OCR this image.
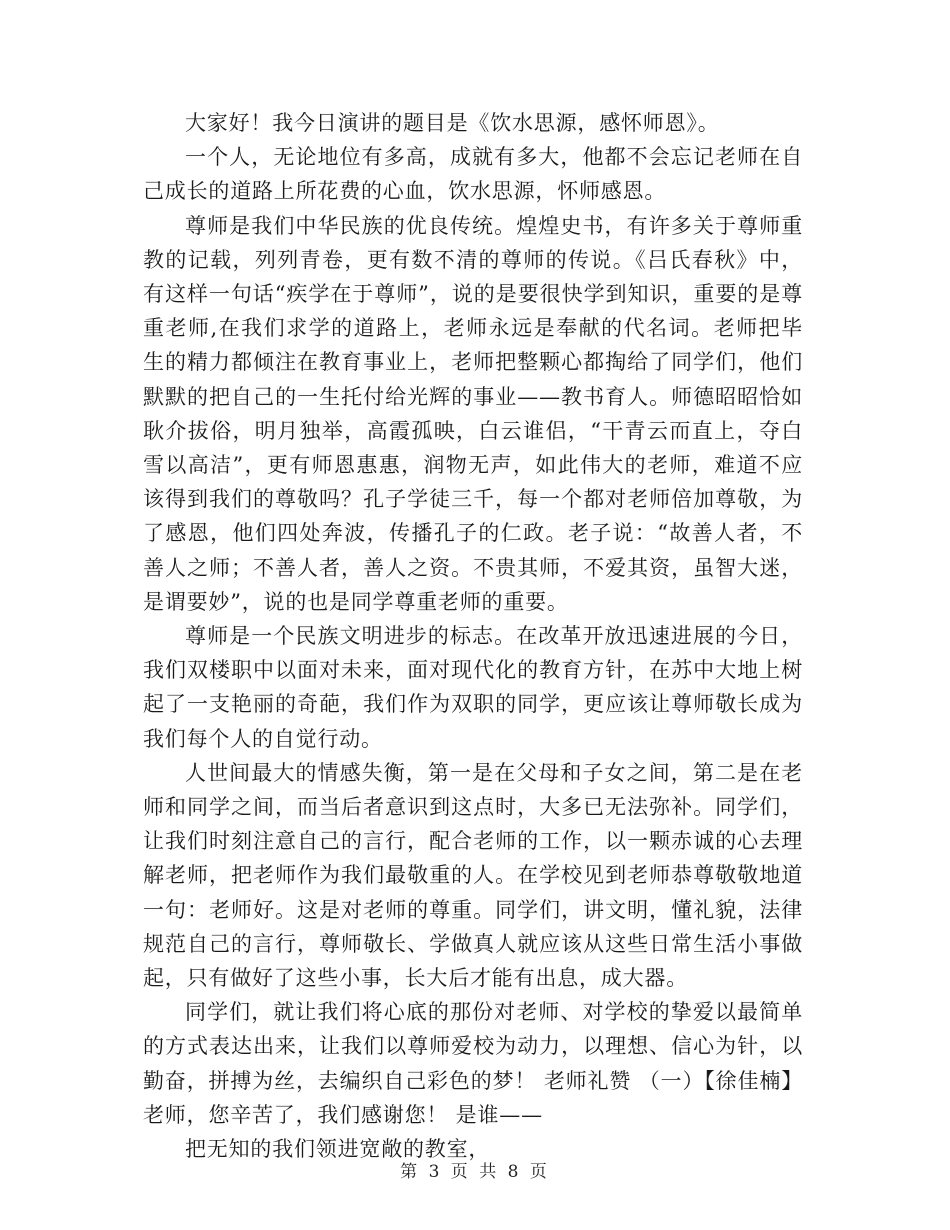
大家好！我今日演讲的题目是《饮水思源，感怀师恩》。

一个人，无论地位有多高，成就有多大，他都不会忘记老师在自己成长的道路上所花费的心血，饮水思源，怀师感恩。

尊师是我们中华民族的优良传统。煌煌史书，有许多关于尊师重教的记载，列列青卷，更有数不清的尊师的传说。《吕氏春秋》中，有这样一句话“疾学在于尊师”，说的是要很快学到知识，重要的是尊重老师,在我们求学的道路上，老师永远是奉献的代名词。老师把毕生的精力都倾注在教育事业上，老师把整颗心都掏给了同学们，他们默默的把自己的一生托付给光辉的事业——教书育人。师德昭昭恰如耿介拔俗，明月独举，高霞孤映，白云谁侣，“干青云而直上，夺白雪以高洁”，更有师恩惠惠，润物无声，如此伟大的老师，难道不应该得到我们的尊敬吗？孔子学徒三千，每一个都对老师倍加尊敬，为了感恩，他们四处奔波，传播孔子的仁政。老子说：“故善人者，不善人之师；不善人者，善人之资。不贵其师，不爱其资，虽智大迷，是谓要妙”，说的也是同学尊重老师的重要。

尊师是一个民族文明进步的标志。在改革开放迅速进展的今日，我们双楼职中以面对未来，面对现代化的教育方针，在苏中大地上树起了一支艳丽的奇葩，我们作为双职的同学，更应该让尊师敬长成为我们每个人的自觉行动。

人世间最大的情感失衡，第一是在父母和子女之间，第二是在老师和同学之间，而当后者意识到这点时，大多已无法弥补。同学们，让我们时刻注意自己的言行，配合老师的工作，以一颗赤诚的心去理解老师，把老师作为我们最敬重的人。在学校见到老师恭尊敬敬地道一句：老师好。这是对老师的尊重。同学们，讲文明，懂礼貌，法律规范自己的言行，尊师敬长、学做真人就应该从这些日常生活小事做起，只有做好了这些小事，长大后才能有出息，成大器。

同学们，就让我们将心底的那份对老师、对学校的挚爱以最简单的方式表达出来，让我们以尊师爱校为动力，以理想、信心为针，以勤奋，拼搏为丝，去编织自己彩色的梦！ 老师礼赞 （一）【徐佳楠】 老师，您辛苦了，我们感谢您！ 是谁——

把无知的我们领进宽敞的教室，

第 3 页 共 8 页
